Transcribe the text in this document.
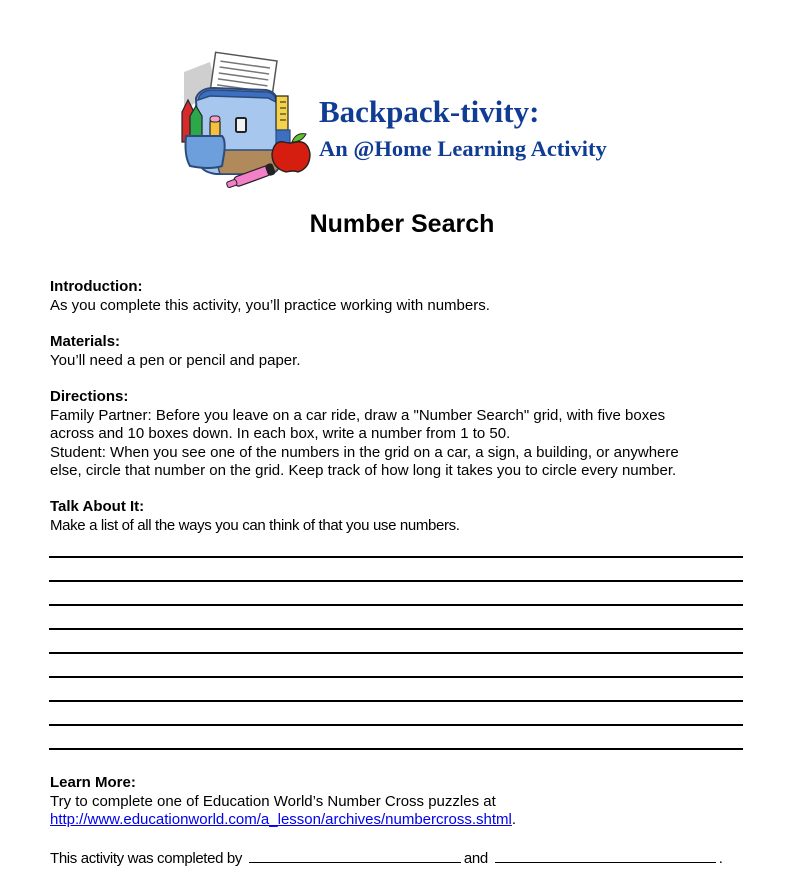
Backpack-tivity:
An @Home Learning Activity
Number Search
Introduction:

As you complete this activity, you’ll practice working with numbers.

Materials:

You’ll need a pen or pencil and paper.

Directions:

Family Partner: Before you leave on a car ride, draw a "Number Search" grid, with five boxes

across and 10 boxes down. In each box, write a number from 1 to 50.

Student: When you see one of the numbers in the grid on a car, a sign, a building, or anywhere

else, circle that number on the grid. Keep track of how long it takes you to circle every number.

Talk About It:

Make a list of all the ways you can think of that you use numbers.

Learn More:

Try to complete one of Education World’s Number Cross puzzles at

http://www.educationworld.com/a_lesson/archives/numbercross.shtml.

This activity was completed by	and	.
